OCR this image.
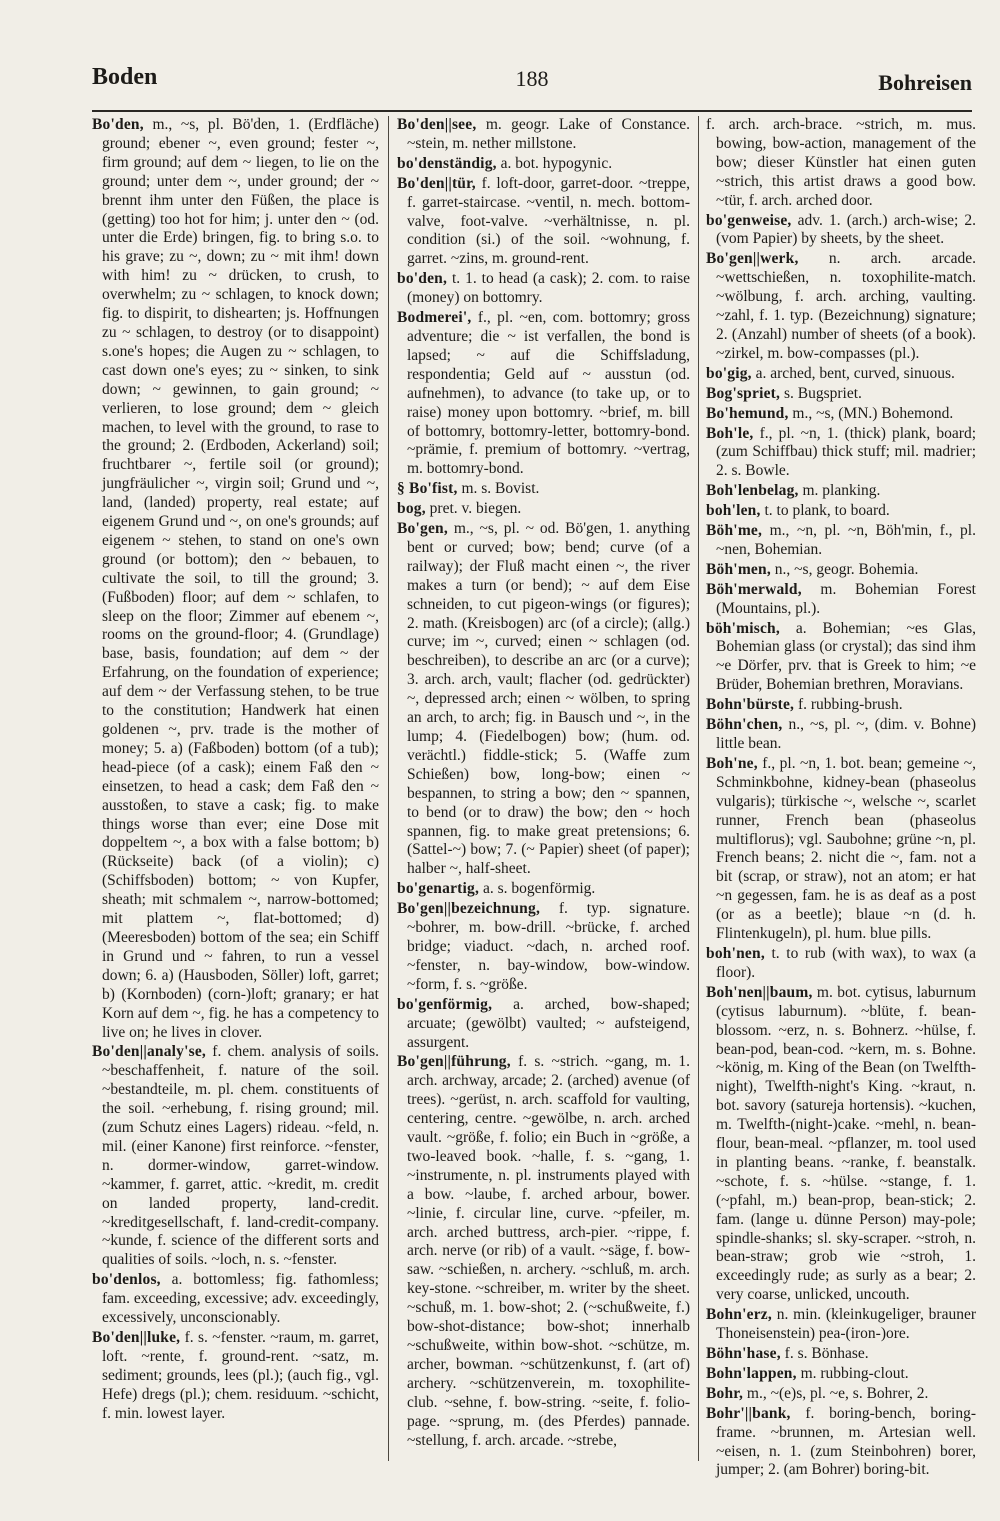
Boden	188	Bohreisen

Bo'den, m., ~s, pl. Bö'den, 1. (Erdfläche) ground; ebener ~, even ground; fester ~, firm ground; auf dem ~ liegen, to lie on the ground; unter dem ~, under ground; der ~ brennt ihm unter den Füßen, the place is (getting) too hot for him; j. unter den ~ (od. unter die Erde) bringen, fig. to bring s.o. to his grave; zu ~, down; zu ~ mit ihm! down with him! zu ~ drücken, to crush, to overwhelm; zu ~ schlagen, to knock down; fig. to dispirit, to dishearten; js. Hoffnungen zu ~ schlagen, to destroy (or to disappoint) s.one's hopes; die Augen zu ~ schlagen, to cast down one's eyes; zu ~ sinken, to sink down; ~ gewinnen, to gain ground; ~ verlieren, to lose ground; dem ~ gleich machen, to level with the ground, to rase to the ground; 2. (Erdboden, Ackerland) soil; fruchtbarer ~, fertile soil (or ground); jungfräulicher ~, virgin soil; Grund und ~, land, (landed) property, real estate; auf eigenem Grund und ~, on one's grounds; auf eigenem ~ stehen, to stand on one's own ground (or bottom); den ~ bebauen, to cultivate the soil, to till the ground; 3. (Fußboden) floor; auf dem ~ schlafen, to sleep on the floor; Zimmer auf ebenem ~, rooms on the ground-floor; 4. (Grundlage) base, basis, foundation; auf dem ~ der Erfahrung, on the foundation of experience; auf dem ~ der Verfassung stehen, to be true to the constitution; Handwerk hat einen goldenen ~, prv. trade is the mother of money; 5. a) (Faßboden) bottom (of a tub); head-piece (of a cask); einem Faß den ~ einsetzen, to head a cask; dem Faß den ~ ausstoßen, to stave a cask; fig. to make things worse than ever; eine Dose mit doppeltem ~, a box with a false bottom; b) (Rückseite) back (of a violin); c) (Schiffsboden) bottom; ~ von Kupfer, sheath; mit schmalem ~, narrow-bottomed; mit plattem ~, flat-bottomed; d) (Meeresboden) bottom of the sea; ein Schiff in Grund und ~ fahren, to run a vessel down; 6. a) (Hausboden, Söller) loft, garret; b) (Kornboden) (corn-)loft; granary; er hat Korn auf dem ~, fig. he has a competency to live on; he lives in clover.

Bo'den||analy'se, f. chem. analysis of soils. ~beschaffenheit, f. nature of the soil. ~bestandteile, m. pl. chem. constituents of the soil. ~erhebung, f. rising ground; mil. (zum Schutz eines Lagers) rideau. ~feld, n. mil. (einer Kanone) first reinforce. ~fenster, n. dormer-window, garret-window. ~kammer, f. garret, attic. ~kredit, m. credit on landed property, land-credit. ~kreditgesellschaft, f. land-credit-company. ~kunde, f. science of the different sorts and qualities of soils. ~loch, n. s. ~fenster.

bo'denlos, a. bottomless; fig. fathomless; fam. exceeding, excessive; adv. exceedingly, excessively, unconscionably.

Bo'den||luke, f. s. ~fenster. ~raum, m. garret, loft. ~rente, f. ground-rent. ~satz, m. sediment; grounds, lees (pl.); (auch fig., vgl. Hefe) dregs (pl.); chem. residuum. ~schicht, f. min. lowest layer.

Bo'den||see, m. geogr. Lake of Constance. ~stein, m. nether millstone.

bo'denständig, a. bot. hypogynic.

Bo'den||tür, f. loft-door, garret-door. ~treppe, f. garret-staircase. ~ventil, n. mech. bottom-valve, foot-valve. ~verhältnisse, n. pl. condition (si.) of the soil. ~wohnung, f. garret. ~zins, m. ground-rent.

bo'den, t. 1. to head (a cask); 2. com. to raise (money) on bottomry.

Bodmerei', f., pl. ~en, com. bottomry; gross adventure; die ~ ist verfallen, the bond is lapsed; ~ auf die Schiffsladung, respondentia; Geld auf ~ ausstun (od. aufnehmen), to advance (to take up, or to raise) money upon bottomry. ~brief, m. bill of bottomry, bottomry-letter, bottomry-bond. ~prämie, f. premium of bottomry. ~vertrag, m. bottomry-bond.

§ Bo'fist, m. s. Bovist.

bog, pret. v. biegen.

Bo'gen, m., ~s, pl. ~ od. Bö'gen, 1. anything bent or curved; bow; bend; curve (of a railway); der Fluß macht einen ~, the river makes a turn (or bend); ~ auf dem Eise schneiden, to cut pigeon-wings (or figures); 2. math. (Kreisbogen) arc (of a circle); (allg.) curve; im ~, curved; einen ~ schlagen (od. beschreiben), to describe an arc (or a curve); 3. arch. arch, vault; flacher (od. gedrückter) ~, depressed arch; einen ~ wölben, to spring an arch, to arch; fig. in Bausch und ~, in the lump; 4. (Fiedelbogen) bow; (hum. od. verächtl.) fiddle-stick; 5. (Waffe zum Schießen) bow, long-bow; einen ~ bespannen, to string a bow; den ~ spannen, to bend (or to draw) the bow; den ~ hoch spannen, fig. to make great pretensions; 6. (Sattel-~) bow; 7. (~ Papier) sheet (of paper); halber ~, half-sheet.

bo'genartig, a. s. bogenförmig.

Bo'gen||bezeichnung, f. typ. signature. ~bohrer, m. bow-drill. ~brücke, f. arched bridge; viaduct. ~dach, n. arched roof. ~fenster, n. bay-window, bow-window. ~form, f. s. ~größe.

bo'genförmig, a. arched, bow-shaped; arcuate; (gewölbt) vaulted; ~ aufsteigend, assurgent.

Bo'gen||führung, f. s. ~strich. ~gang, m. 1. arch. archway, arcade; 2. (arched) avenue (of trees). ~gerüst, n. arch. scaffold for vaulting, centering, centre. ~gewölbe, n. arch. arched vault. ~größe, f. folio; ein Buch in ~größe, a two-leaved book. ~halle, f. s. ~gang, 1. ~instrumente, n. pl. instruments played with a bow. ~laube, f. arched arbour, bower. ~linie, f. circular line, curve. ~pfeiler, m. arch. arched buttress, arch-pier. ~rippe, f. arch. nerve (or rib) of a vault. ~säge, f. bow-saw. ~schießen, n. archery. ~schluß, m. arch. key-stone. ~schreiber, m. writer by the sheet. ~schuß, m. 1. bow-shot; 2. (~schußweite, f.) bow-shot-distance; bow-shot; innerhalb ~schußweite, within bow-shot. ~schütze, m. archer, bowman. ~schützenkunst, f. (art of) archery. ~schützenverein, m. toxophilite-club. ~sehne, f. bow-string. ~seite, f. folio-page. ~sprung, m. (des Pferdes) pannade. ~stellung, f. arch. arcade. ~strebe,

f. arch. arch-brace. ~strich, m. mus. bowing, bow-action, management of the bow; dieser Künstler hat einen guten ~strich, this artist draws a good bow. ~tür, f. arch. arched door.

bo'genweise, adv. 1. (arch.) arch-wise; 2. (vom Papier) by sheets, by the sheet.

Bo'gen||werk, n. arch. arcade. ~wettschießen, n. toxophilite-match. ~wölbung, f. arch. arching, vaulting. ~zahl, f. 1. typ. (Bezeichnung) signature; 2. (Anzahl) number of sheets (of a book). ~zirkel, m. bow-compasses (pl.).

bo'gig, a. arched, bent, curved, sinuous.

Bog'spriet, s. Bugspriet.

Bo'hemund, m., ~s, (MN.) Bohemond.

Boh'le, f., pl. ~n, 1. (thick) plank, board; (zum Schiffbau) thick stuff; mil. madrier; 2. s. Bowle.

Boh'lenbelag, m. planking.

boh'len, t. to plank, to board.

Böh'me, m., ~n, pl. ~n, Böh'min, f., pl. ~nen, Bohemian.

Böh'men, n., ~s, geogr. Bohemia.

Böh'merwald, m. Bohemian Forest (Mountains, pl.).

böh'misch, a. Bohemian; ~es Glas, Bohemian glass (or crystal); das sind ihm ~e Dörfer, prv. that is Greek to him; ~e Brüder, Bohemian brethren, Moravians.

Bohn'bürste, f. rubbing-brush.

Böhn'chen, n., ~s, pl. ~, (dim. v. Bohne) little bean.

Boh'ne, f., pl. ~n, 1. bot. bean; gemeine ~, Schminkbohne, kidney-bean (phaseolus vulgaris); türkische ~, welsche ~, scarlet runner, French bean (phaseolus multiflorus); vgl. Saubohne; grüne ~n, pl. French beans; 2. nicht die ~, fam. not a bit (scrap, or straw), not an atom; er hat ~n gegessen, fam. he is as deaf as a post (or as a beetle); blaue ~n (d. h. Flintenkugeln), pl. hum. blue pills.

boh'nen, t. to rub (with wax), to wax (a floor).

Boh'nen||baum, m. bot. cytisus, laburnum (cytisus laburnum). ~blüte, f. bean-blossom. ~erz, n. s. Bohnerz. ~hülse, f. bean-pod, bean-cod. ~kern, m. s. Bohne. ~könig, m. King of the Bean (on Twelfth-night), Twelfth-night's King. ~kraut, n. bot. savory (satureja hortensis). ~kuchen, m. Twelfth-(night-)cake. ~mehl, n. bean-flour, bean-meal. ~pflanzer, m. tool used in planting beans. ~ranke, f. beanstalk. ~schote, f. s. ~hülse. ~stange, f. 1. (~pfahl, m.) bean-prop, bean-stick; 2. fam. (lange u. dünne Person) may-pole; spindle-shanks; sl. sky-scraper. ~stroh, n. bean-straw; grob wie ~stroh, 1. exceedingly rude; as surly as a bear; 2. very coarse, unlicked, uncouth.

Bohn'erz, n. min. (kleinkugeliger, brauner Thoneisenstein) pea-(iron-)ore.

Böhn'hase, f. s. Bönhase.

Bohn'lappen, m. rubbing-clout.

Bohr, m., ~(e)s, pl. ~e, s. Bohrer, 2.

Bohr'||bank, f. boring-bench, boring-frame. ~brunnen, m. Artesian well. ~eisen, n. 1. (zum Steinbohren) borer, jumper; 2. (am Bohrer) boring-bit.
